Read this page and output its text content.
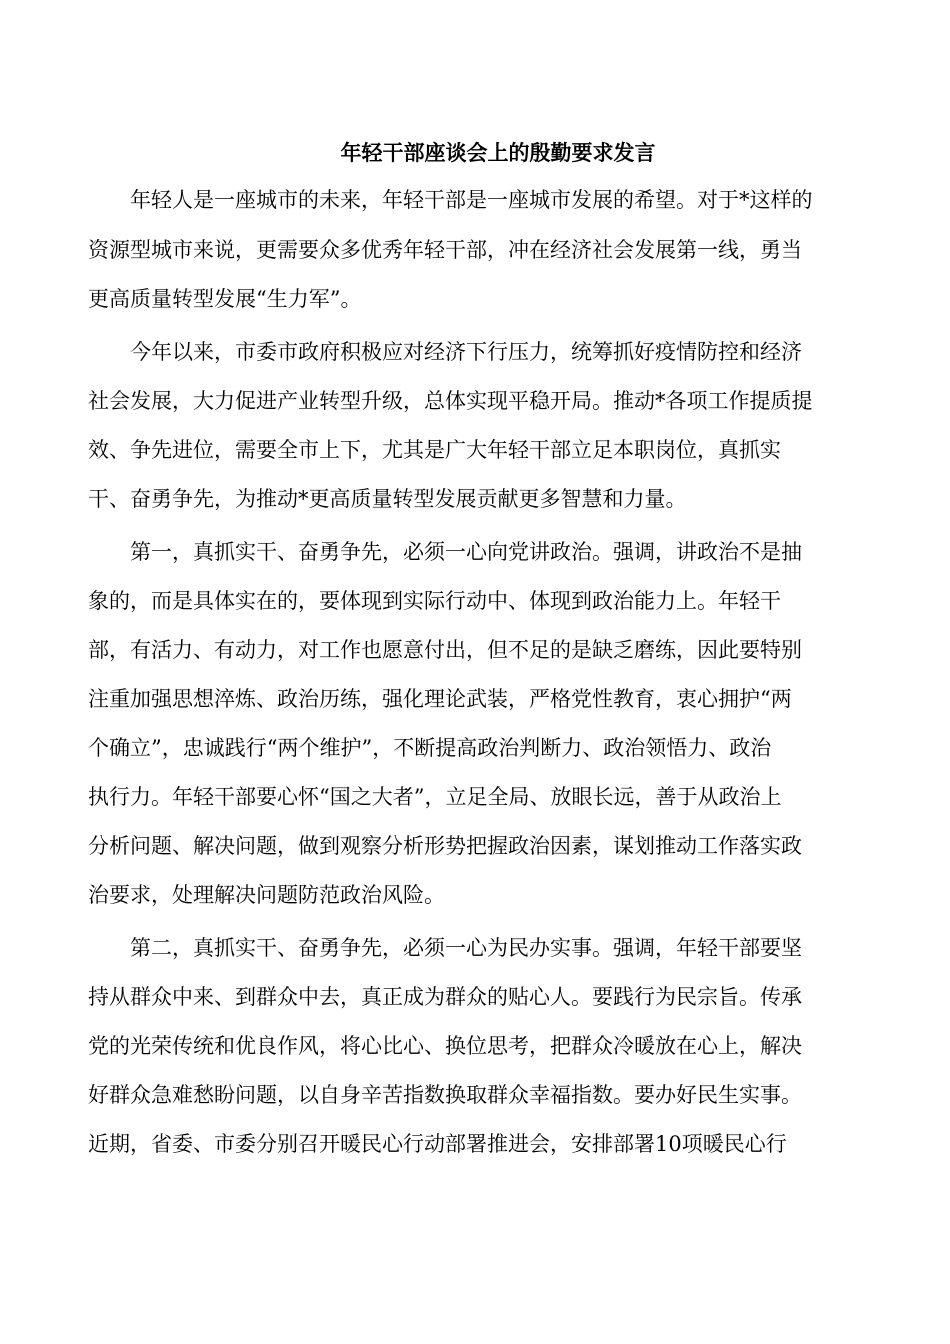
年轻干部座谈会上的殷勤要求发言

年轻人是一座城市的未来，年轻干部是一座城市发展的希望。对于*这样的

资源型城市来说，更需要众多优秀年轻干部，冲在经济社会发展第一线，勇当

更高质量转型发展“生力军”。

今年以来，市委市政府积极应对经济下行压力，统筹抓好疫情防控和经济

社会发展，大力促进产业转型升级，总体实现平稳开局。推动*各项工作提质提

效、争先进位，需要全市上下，尤其是广大年轻干部立足本职岗位，真抓实

干、奋勇争先，为推动*更高质量转型发展贡献更多智慧和力量。

第一，真抓实干、奋勇争先，必须一心向党讲政治。强调，讲政治不是抽

象的，而是具体实在的，要体现到实际行动中、体现到政治能力上。年轻干

部，有活力、有动力，对工作也愿意付出，但不足的是缺乏磨练，因此要特别

注重加强思想淬炼、政治历练，强化理论武装，严格党性教育，衷心拥护“两

个确立”，忠诚践行“两个维护”，不断提高政治判断力、政治领悟力、政治

执行力。年轻干部要心怀“国之大者”，立足全局、放眼长远，善于从政治上

分析问题、解决问题，做到观察分析形势把握政治因素，谋划推动工作落实政

治要求，处理解决问题防范政治风险。

第二，真抓实干、奋勇争先，必须一心为民办实事。强调，年轻干部要坚

持从群众中来、到群众中去，真正成为群众的贴心人。要践行为民宗旨。传承

党的光荣传统和优良作风，将心比心、换位思考，把群众冷暖放在心上，解决

好群众急难愁盼问题，以自身辛苦指数换取群众幸福指数。要办好民生实事。

近期，省委、市委分别召开暖民心行动部署推进会，安排部署10项暖民心行
